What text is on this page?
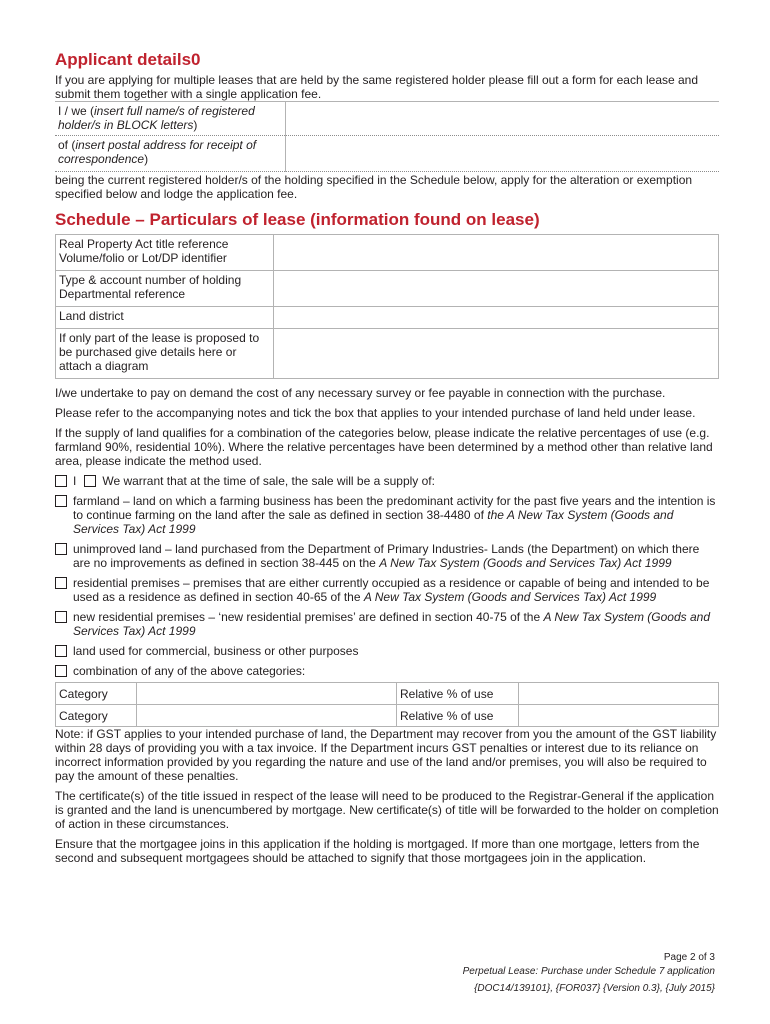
Applicant details0

If you are applying for multiple leases that are held by the same registered holder please fill out a form for each lease and submit them together with a single application fee.

I / we (insert full name/s of registered holder/s in BLOCK letters)	
of (insert postal address for receipt of correspondence)	

being the current registered holder/s of the holding specified in the Schedule below, apply for the alteration or exemption specified below and lodge the application fee.

Schedule – Particulars of lease (information found on lease)
Real Property Act title reference
Volume/folio or Lot/DP identifier	

Type & account number of holding
Departmental reference	

Land district	

If only part of the lease is proposed to be purchased give details here or attach a diagram	

I/we undertake to pay on demand the cost of any necessary survey or fee payable in connection with the purchase.

Please refer to the accompanying notes and tick the box that applies to your intended purchase of land held under lease.

If the supply of land qualifies for a combination of the categories below, please indicate the relative percentages of use (e.g. farmland 90%, residential 10%). Where the relative percentages have been determined by a method other than relative land area, please indicate the method used.

I We warrant that at the time of sale, the sale will be a supply of:
farmland – land on which a farming business has been the predominant activity for the past five years and the intention is to continue farming on the land after the sale as defined in section 38-4480 of the A New Tax System (Goods and Services Tax) Act 1999
unimproved land – land purchased from the Department of Primary Industries- Lands (the Department) on which there are no improvements as defined in section 38-445 on the A New Tax System (Goods and Services Tax) Act 1999
residential premises – premises that are either currently occupied as a residence or capable of being and intended to be used as a residence as defined in section 40-65 of the A New Tax System (Goods and Services Tax) Act 1999
new residential premises – ‘new residential premises’ are defined in section 40-75 of the A New Tax System (Goods and Services Tax) Act 1999
land used for commercial, business or other purposes
combination of any of the above categories:
Category		Relative % of use	
Category		Relative % of use	

Note: if GST applies to your intended purchase of land, the Department may recover from you the amount of the GST liability within 28 days of providing you with a tax invoice. If the Department incurs GST penalties or interest due to its reliance on incorrect information provided by you regarding the nature and use of the land and/or premises, you will also be required to pay the amount of these penalties.

The certificate(s) of the title issued in respect of the lease will need to be produced to the Registrar-General if the application is granted and the land is unencumbered by mortgage. New certificate(s) of title will be forwarded to the holder on completion of action in these circumstances.

Ensure that the mortgagee joins in this application if the holding is mortgaged. If more than one mortgage, letters from the second and subsequent mortgagees should be attached to signify that those mortgagees join in the application.

Page 2 of 3
Perpetual Lease: Purchase under Schedule 7 application
{DOC14/139101}, {FOR037} {Version 0.3}, {July 2015}
